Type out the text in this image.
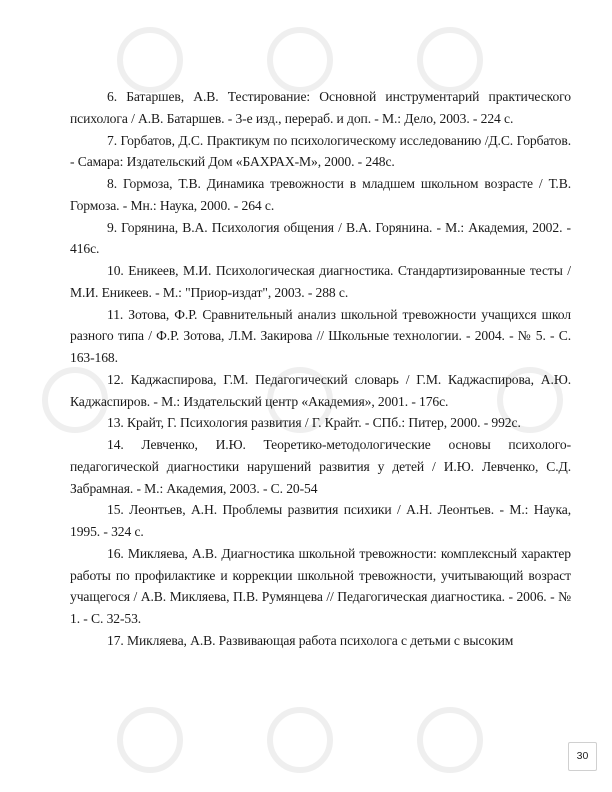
6. Батаршев, А.В. Тестирование: Основной инструментарий практического психолога / А.В. Батаршев. - 3-е изд., перераб. и доп. - М.: Дело, 2003. - 224 с.

7. Горбатов, Д.С. Практикум по психологическому исследованию /Д.С. Горбатов. - Самара: Издательский Дом «БАХРАХ-М», 2000. - 248с.

8. Гормоза, Т.В. Динамика тревожности в младшем школьном возрасте / Т.В. Гормоза. - Мн.: Наука, 2000. - 264 с.

9. Горянина, В.А. Психология общения / В.А. Горянина. - М.: Академия, 2002. - 416с.

10. Еникеев, М.И. Психологическая диагностика. Стандартизированные тесты / М.И. Еникеев. - М.: "Приор-издат", 2003. - 288 с.

11. Зотова, Ф.Р. Сравнительный анализ школьной тревожности учащихся школ разного типа / Ф.Р. Зотова, Л.М. Закирова // Школьные технологии. - 2004. - № 5. - С. 163-168.

12. Каджаспирова, Г.М. Педагогический словарь / Г.М. Каджаспирова, А.Ю. Каджаспиров. - М.: Издательский центр «Академия», 2001. - 176с.

13. Крайт, Г. Психология развития / Г. Крайт. - СПб.: Питер, 2000. - 992с.

14. Левченко, И.Ю. Теоретико-методологические основы психолого-педагогической диагностики нарушений развития у детей / И.Ю. Левченко, С.Д. Забрамная. - М.: Академия, 2003. - С. 20-54

15. Леонтьев, А.Н. Проблемы развития психики / А.Н. Леонтьев. - М.: Наука, 1995. - 324 с.

16. Микляева, А.В. Диагностика школьной тревожности: комплексный характер работы по профилактике и коррекции школьной тревожности, учитывающий возраст учащегося / А.В. Микляева, П.В. Румянцева // Педагогическая диагностика. - 2006. - № 1. - С. 32-53.

17. Микляева, А.В. Развивающая работа психолога с детьми с высоким

30
